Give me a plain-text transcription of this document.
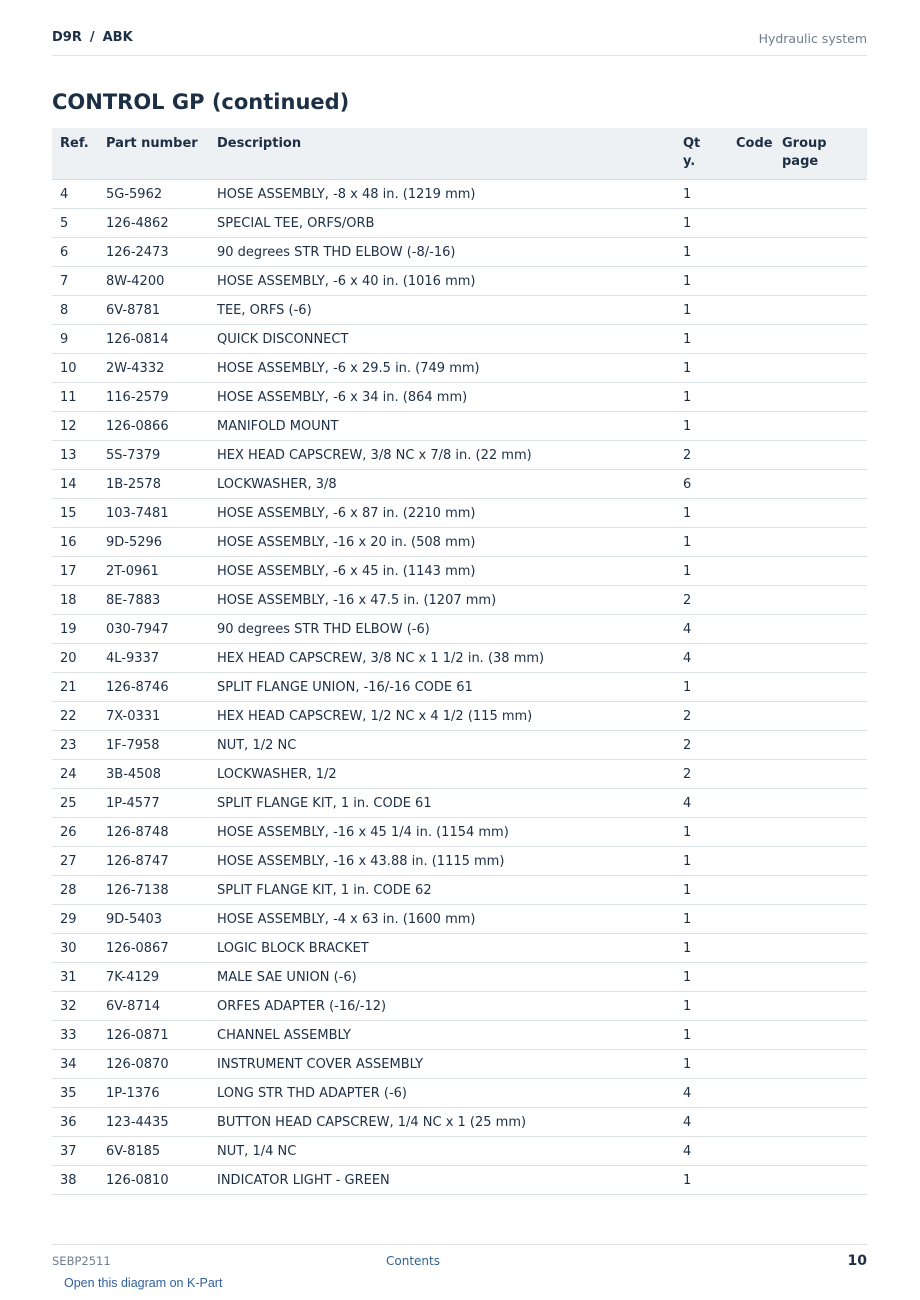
D9R / ABK	Hydraulic system
CONTROL GP (continued)
Ref.	Part number	Description	Qty.	Code	Group page
4	5G-5962	HOSE ASSEMBLY, -8 x 48 in. (1219 mm)	1		
5	126-4862	SPECIAL TEE, ORFS/ORB	1		
6	126-2473	90 degrees STR THD ELBOW (-8/-16)	1		
7	8W-4200	HOSE ASSEMBLY, -6 x 40 in. (1016 mm)	1		
8	6V-8781	TEE, ORFS (-6)	1		
9	126-0814	QUICK DISCONNECT	1		
10	2W-4332	HOSE ASSEMBLY, -6 x 29.5 in. (749 mm)	1		
11	116-2579	HOSE ASSEMBLY, -6 x 34 in. (864 mm)	1		
12	126-0866	MANIFOLD MOUNT	1		
13	5S-7379	HEX HEAD CAPSCREW, 3/8 NC x 7/8 in. (22 mm)	2		
14	1B-2578	LOCKWASHER, 3/8	6		
15	103-7481	HOSE ASSEMBLY, -6 x 87 in. (2210 mm)	1		
16	9D-5296	HOSE ASSEMBLY, -16 x 20 in. (508 mm)	1		
17	2T-0961	HOSE ASSEMBLY, -6 x 45 in. (1143 mm)	1		
18	8E-7883	HOSE ASSEMBLY, -16 x 47.5 in. (1207 mm)	2		
19	030-7947	90 degrees STR THD ELBOW (-6)	4		
20	4L-9337	HEX HEAD CAPSCREW, 3/8 NC x 1 1/2 in. (38 mm)	4		
21	126-8746	SPLIT FLANGE UNION, -16/-16 CODE 61	1		
22	7X-0331	HEX HEAD CAPSCREW, 1/2 NC x 4 1/2 (115 mm)	2		
23	1F-7958	NUT, 1/2 NC	2		
24	3B-4508	LOCKWASHER, 1/2	2		
25	1P-4577	SPLIT FLANGE KIT, 1 in. CODE 61	4		
26	126-8748	HOSE ASSEMBLY, -16 x 45 1/4 in. (1154 mm)	1		
27	126-8747	HOSE ASSEMBLY, -16 x 43.88 in. (1115 mm)	1		
28	126-7138	SPLIT FLANGE KIT, 1 in. CODE 62	1		
29	9D-5403	HOSE ASSEMBLY, -4 x 63 in. (1600 mm)	1		
30	126-0867	LOGIC BLOCK BRACKET	1		
31	7K-4129	MALE SAE UNION (-6)	1		
32	6V-8714	ORFES ADAPTER (-16/-12)	1		
33	126-0871	CHANNEL ASSEMBLY	1		
34	126-0870	INSTRUMENT COVER ASSEMBLY	1		
35	1P-1376	LONG STR THD ADAPTER (-6)	4		
36	123-4435	BUTTON HEAD CAPSCREW, 1/4 NC x 1 (25 mm)	4		
37	6V-8185	NUT, 1/4 NC	4		
38	126-0810	INDICATOR LIGHT - GREEN	1		
SEBP2511	Contents	10
Open this diagram on K-Part
